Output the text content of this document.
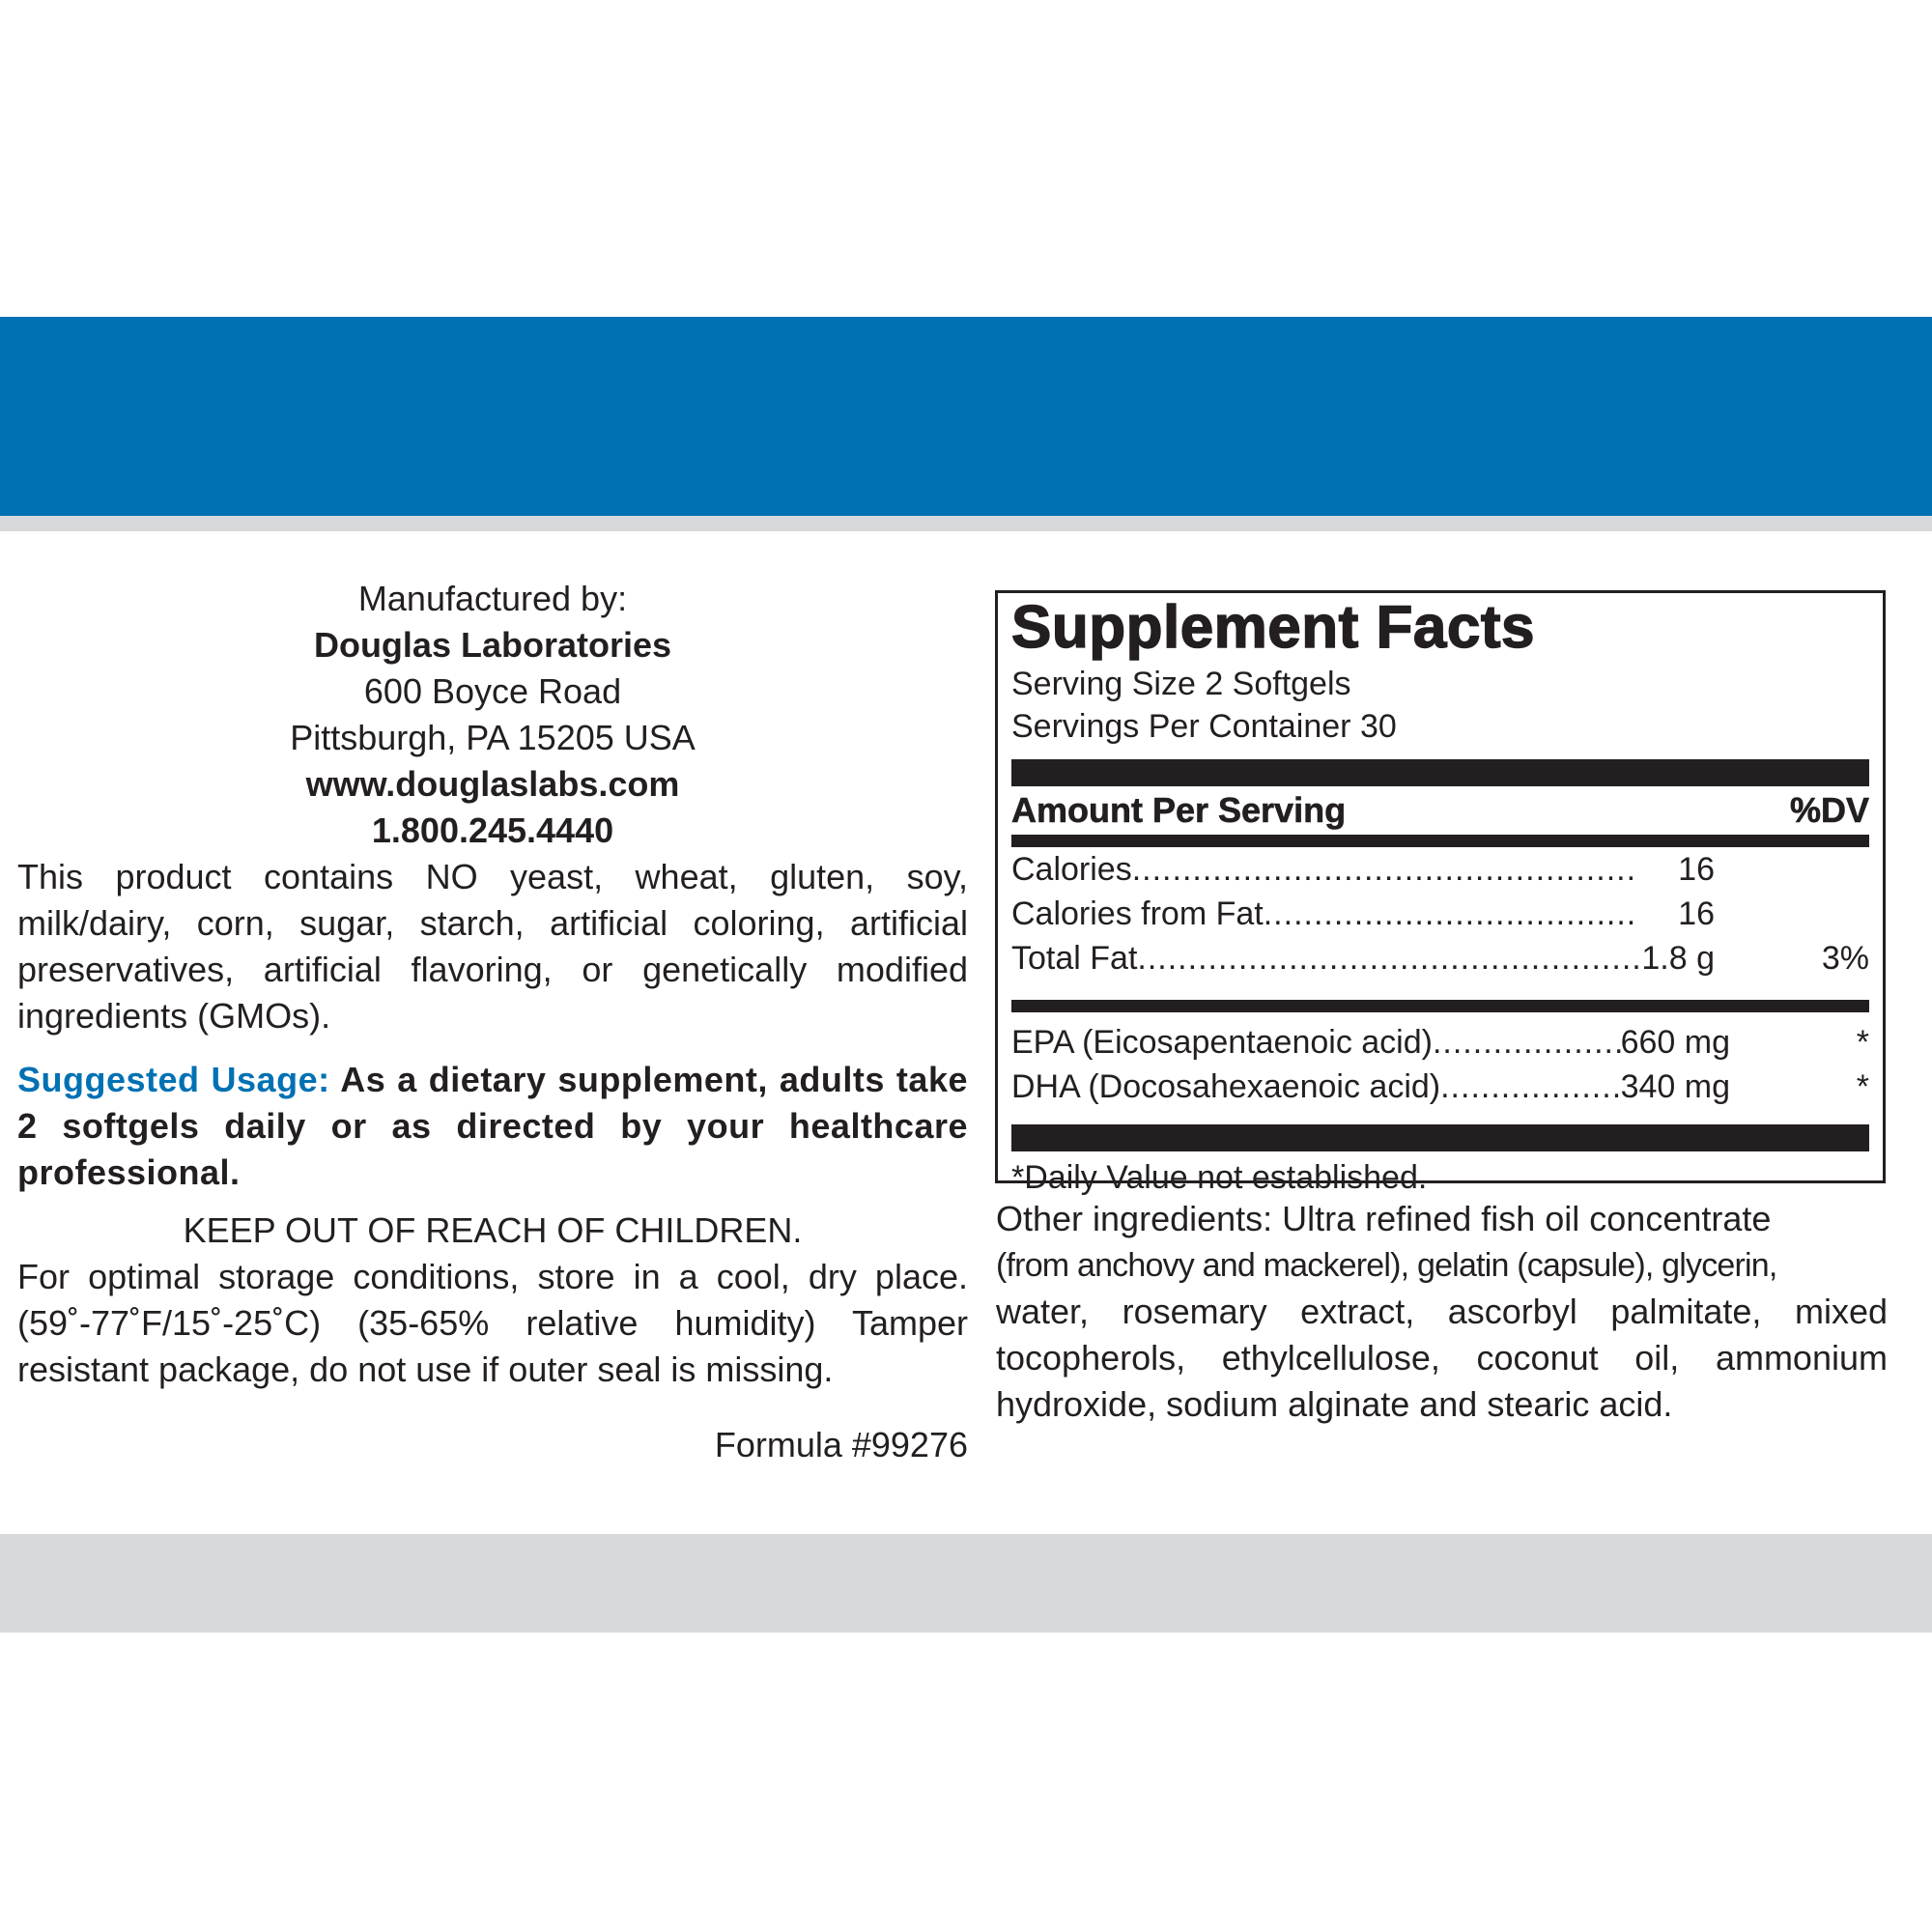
Manufactured by:
Douglas Laboratories
600 Boyce Road
Pittsburgh, PA 15205 USA
www.douglaslabs.com
1.800.245.4440

This product contains NO yeast, wheat, gluten, soy, milk/dairy, corn, sugar, starch, artificial coloring, artificial preservatives, artificial flavoring, or genetically modified ingredients (GMOs).

Suggested Usage: As a dietary supplement, adults take 2 softgels daily or as directed by your healthcare professional.
KEEP OUT OF REACH OF CHILDREN.
For optimal storage conditions, store in a cool, dry place. (59˚-77˚F/15˚-25˚C) (35-65% relative humidity) Tamper resistant package, do not use if outer seal is missing.
Formula #99276
Supplement Facts
Serving Size 2 Softgels
Servings Per Container 30
Amount Per Serving	%DV
Calories .....	16
Calories from Fat .....	16
Total Fat .....	1.8 g	3%
EPA (Eicosapentaenoic acid) .....	660 mg	*
DHA (Docosahexaenoic acid) .....	340 mg	*
*Daily Value not established.
Other ingredients: Ultra refined fish oil concentrate
(from anchovy and mackerel), gelatin (capsule), glycerin,
water, rosemary extract, ascorbyl palmitate, mixed tocopherols, ethylcellulose, coconut oil, ammonium hydroxide, sodium alginate and stearic acid.
